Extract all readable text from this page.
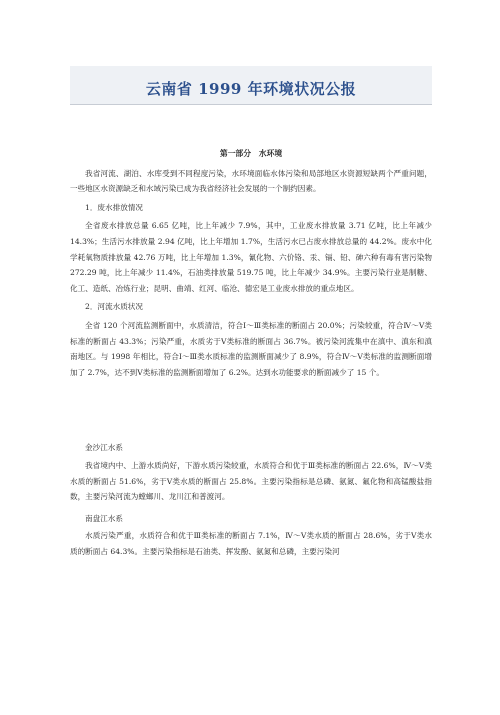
云南省 1999 年环境状况公报

第一部分　水环境

我省河流、湖泊、水库受到不同程度污染，水环境面临水体污染和局部地区水资源短缺两个严重问题，一些地区水资源缺乏和水域污染已成为我省经济社会发展的一个制约因素。

1．废水排放情况

全省废水排放总量 6.65 亿吨，比上年减少 7.9%，其中，工业废水排放量 3.71 亿吨，比上年减少 14.3%；生活污水排放量 2.94 亿吨，比上年增加 1.7%，生活污水已占废水排放总量的 44.2%。废水中化学耗氧物质排放量 42.76 万吨，比上年增加 1.3%，氰化物、六价铬、汞、镉、铅、砷六种有毒有害污染物 272.29 吨，比上年减少 11.4%，石油类排放量 519.75 吨，比上年减少 34.9%。主要污染行业是制糖、化工、造纸、冶炼行业；昆明、曲靖、红河、临沧、德宏是工业废水排放的重点地区。

2．河流水质状况

全省 120 个河流监测断面中，水质清洁，符合Ⅰ～Ⅲ类标准的断面占 20.0%；污染较重，符合Ⅳ～Ⅴ类标准的断面占 43.3%；污染严重，水质劣于Ⅴ类标准的断面占 36.7%。被污染河流集中在滇中、滇东和滇南地区。与 1998 年相比，符合Ⅰ～Ⅲ类水质标准的监测断面减少了 8.9%，符合Ⅳ～Ⅴ类标准的监测断面增加了 2.7%，达不到Ⅴ类标准的监测断面增加了 6.2%。达到水功能要求的断面减少了 15 个。

金沙江水系

我省境内中、上游水质尚好，下游水质污染较重，水质符合和优于Ⅲ类标准的断面占 22.6%，Ⅳ～Ⅴ类水质的断面占 51.6%，劣于Ⅴ类水质的断面占 25.8%。主要污染指标是总磷、氨氮、氟化物和高锰酸盐指数，主要污染河流为螳螂川、龙川江和普渡河。

南盘江水系

水质污染严重，水质符合和优于Ⅲ类标准的断面占 7.1%，Ⅳ～Ⅴ类水质的断面占 28.6%，劣于Ⅴ类水质的断面占 64.3%。主要污染指标是石油类、挥发酚、氨氮和总磷，主要污染河
